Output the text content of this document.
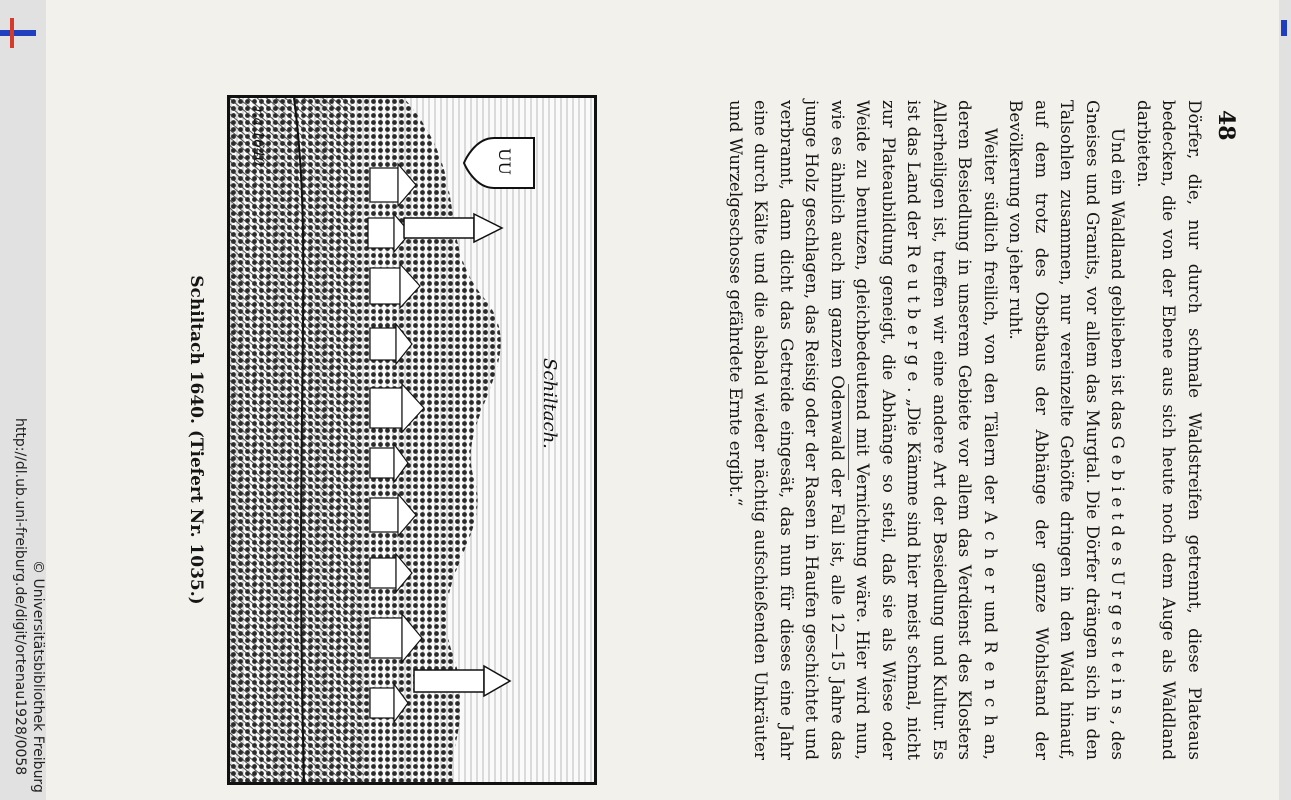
http://dl.ub.uni-freiburg.de/digit/ortenau1928/0058 © Universitätsbibliothek Freiburg
48

Dörfer, die, nur durch schmale Waldstreifen getrennt, diese Plateaus bedecken, die von der Ebene aus sich heute noch dem Auge als Waldland darbieten.

Und ein Waldland geblieben ist das G e b i e t d e s U r g e s t e i n s , des Gneises und Granits, vor allem das Murgtal. Die Dörfer drängen sich in den Talsohlen zusammen, nur vereinzelte Gehöfte dringen in den Wald hinauf, auf dem trotz des Obstbaus der Abhänge der ganze Wohlstand der Bevölkerung von jeher ruht.

Weiter südlich freilich, von den Tälern der A c h e r und R e n c h an, deren Besiedlung in unserem Gebiete vor allem das Verdienst des Klosters Allerheiligen ist, treffen wir eine andere Art der Besiedlung und Kultur. Es ist das Land der R e u t b e r g e . „Die Kämme sind hier meist schmal, nicht zur Plateaubildung geneigt, die Abhänge so steil, daß sie als Wiese oder Weide zu benutzen, gleichbedeutend mit Vernichtung wäre. Hier wird nun, wie es ähnlich auch im ganzen Odenwald der Fall ist, alle 12—15 Jahre das junge Holz geschlagen, das Reisig oder der Rasen in Haufen geschichtet und verbrannt, dann dicht das Getreide eingesät, das nun für dieses eine Jahr eine durch Kälte und die alsbald wieder nächtig aufschießenden Unkräuter und Wurzelgeschosse gefährdete Ernte ergibt.“

UU
Schiltach.
r.a 1640
Schiltach 1640. (Tiefert Nr. 1035.)
